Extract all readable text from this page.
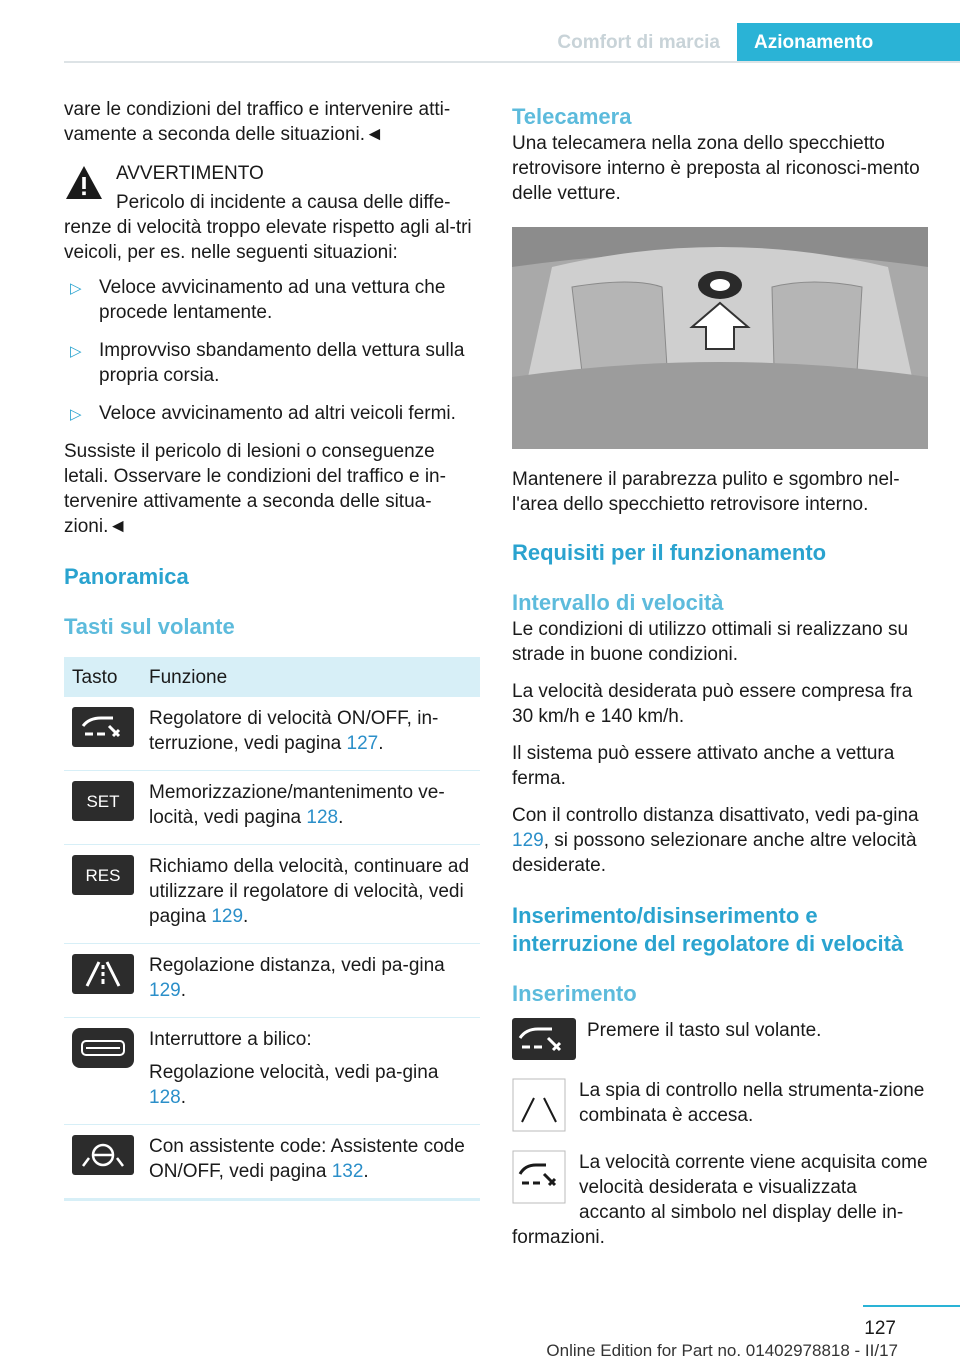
Comfort di marcia	Azionamento

vare le condizioni del traffico e intervenire atti-vamente a seconda delle situazioni.◄

AVVERTIMENTO

Pericolo di incidente a causa delle diffe-

renze di velocità troppo elevate rispetto agli al-tri veicoli, per es. nelle seguenti situazioni:

▷ Veloce avvicinamento ad una vettura che procede lentamente.
▷ Improvviso sbandamento della vettura sulla propria corsia.
▷ Veloce avvicinamento ad altri veicoli fermi.

Sussiste il pericolo di lesioni o conseguenze letali. Osservare le condizioni del traffico e in-tervenire attivamente a seconda delle situa-zioni.◄

Panoramica

Tasti sul volante

Tasto	Funzione

	Regolatore di velocità ON/OFF, in-terruzione, vedi pagina 127.

SET	Memorizzazione/mantenimento ve-locità, vedi pagina 128.

RES	Richiamo della velocità, continuare ad utilizzare il regolatore di velocità, vedi pagina 129.

	Regolazione distanza, vedi pa-gina 129.

Interruttore a bilico:

Regolazione velocità, vedi pa-gina 128.

	Con assistente code: Assistente code ON/OFF, vedi pagina 132.

Telecamera

Una telecamera nella zona dello specchietto retrovisore interno è preposta al riconosci-mento delle vetture.

Mantenere il parabrezza pulito e sgombro nel-l'area dello specchietto retrovisore interno.

Requisiti per il funzionamento

Intervallo di velocità

Le condizioni di utilizzo ottimali si realizzano su strade in buone condizioni.

La velocità desiderata può essere compresa fra 30 km/h e 140 km/h.

Il sistema può essere attivato anche a vettura ferma.

Con il controllo distanza disattivato, vedi pa-gina 129, si possono selezionare anche altre velocità desiderate.

Inserimento/disinserimento e interruzione del regolatore di velocità

Inserimento

Premere il tasto sul volante.

La spia di controllo nella strumenta-zione combinata è accesa.

La velocità corrente viene acquisita come velocità desiderata e visualizzata accanto al simbolo nel display delle in-

formazioni.

127
Online Edition for Part no. 01402978818 - II/17
